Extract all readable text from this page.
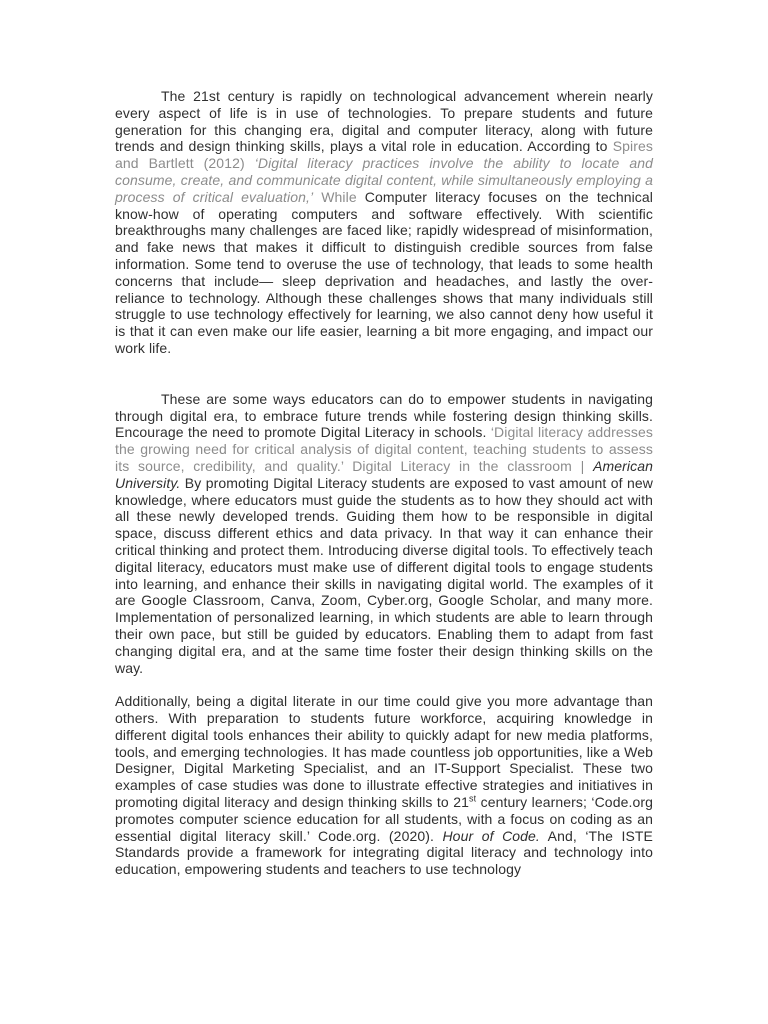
The 21st century is rapidly on technological advancement wherein nearly every aspect of life is in use of technologies. To prepare students and future generation for this changing era, digital and computer literacy, along with future trends and design thinking skills, plays a vital role in education. According to Spires and Bartlett (2012) ‘Digital literacy practices involve the ability to locate and consume, create, and communicate digital content, while simultaneously employing a process of critical evaluation,’ While Computer literacy focuses on the technical know-how of operating computers and software effectively. With scientific breakthroughs many challenges are faced like; rapidly widespread of misinformation, and fake news that makes it difficult to distinguish credible sources from false information. Some tend to overuse the use of technology, that leads to some health concerns that include— sleep deprivation and headaches, and lastly the over-reliance to technology. Although these challenges shows that many individuals still struggle to use technology effectively for learning, we also cannot deny how useful it is that it can even make our life easier, learning a bit more engaging, and impact our work life.

These are some ways educators can do to empower students in navigating through digital era, to embrace future trends while fostering design thinking skills. Encourage the need to promote Digital Literacy in schools. ‘Digital literacy addresses the growing need for critical analysis of digital content, teaching students to assess its source, credibility, and quality.’ Digital Literacy in the classroom | American University. By promoting Digital Literacy students are exposed to vast amount of new knowledge, where educators must guide the students as to how they should act with all these newly developed trends. Guiding them how to be responsible in digital space, discuss different ethics and data privacy. In that way it can enhance their critical thinking and protect them. Introducing diverse digital tools. To effectively teach digital literacy, educators must make use of different digital tools to engage students into learning, and enhance their skills in navigating digital world. The examples of it are Google Classroom, Canva, Zoom, Cyber.org, Google Scholar, and many more. Implementation of personalized learning, in which students are able to learn through their own pace, but still be guided by educators. Enabling them to adapt from fast changing digital era, and at the same time foster their design thinking skills on the way.

Additionally, being a digital literate in our time could give you more advantage than others. With preparation to students future workforce, acquiring knowledge in different digital tools enhances their ability to quickly adapt for new media platforms, tools, and emerging technologies. It has made countless job opportunities, like a Web Designer, Digital Marketing Specialist, and an IT-Support Specialist. These two examples of case studies was done to illustrate effective strategies and initiatives in promoting digital literacy and design thinking skills to 21st century learners; ‘Code.org promotes computer science education for all students, with a focus on coding as an essential digital literacy skill.’ Code.org. (2020). Hour of Code. And, ‘The ISTE Standards provide a framework for integrating digital literacy and technology into education, empowering students and teachers to use technology
